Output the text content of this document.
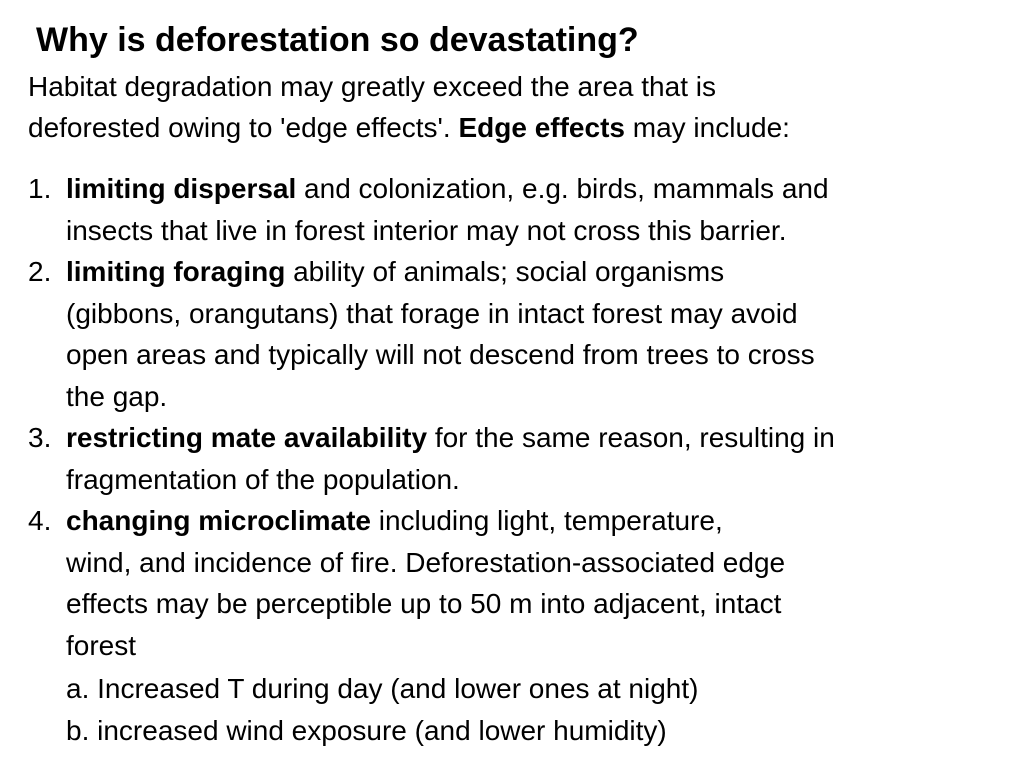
Why is deforestation so devastating?

Habitat degradation may greatly exceed the area that is
deforested owing to 'edge effects'. Edge effects may include:

1. limiting dispersal and colonization, e.g. birds, mammals and
insects that live in forest interior may not cross this barrier.
2. limiting foraging ability of animals; social organisms
(gibbons, orangutans) that forage in intact forest may avoid
open areas and typically will not descend from trees to cross
the gap.
3. restricting mate availability for the same reason, resulting in
fragmentation of the population.
4. changing microclimate including light, temperature,
wind, and incidence of fire. Deforestation-associated edge
effects may be perceptible up to 50 m into adjacent, intact
forest
a. Increased T during day (and lower ones at night)
b. increased wind exposure (and lower humidity)
